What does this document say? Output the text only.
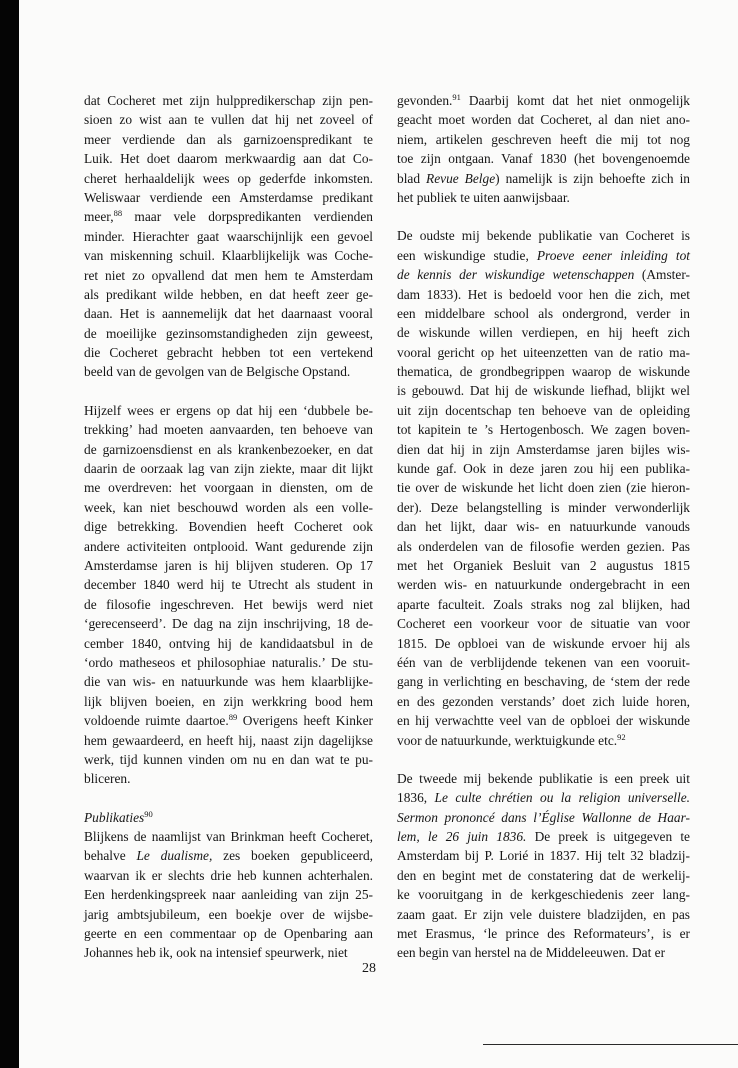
dat Cocheret met zijn hulppredikerschap zijn pen-
sioen zo wist aan te vullen dat hij net zoveel of
meer verdiende dan als garnizoenspredikant te
Luik. Het doet daarom merkwaardig aan dat Co-
cheret herhaaldelijk wees op gederfde inkomsten.
Weliswaar verdiende een Amsterdamse predikant
meer,$^{88}$ maar vele dorpspredikanten verdienden
minder. Hierachter gaat waarschijnlijk een gevoel
van miskenning schuil. Klaarblijkelijk was Coche-
ret niet zo opvallend dat men hem te Amsterdam
als predikant wilde hebben, en dat heeft zeer ge-
daan. Het is aannemelijk dat het daarnaast vooral
de moeilijke gezinsomstandigheden zijn geweest,
die Cocheret gebracht hebben tot een vertekend
beeld van de gevolgen van de Belgische Opstand.
Hijzelf wees er ergens op dat hij een ‘dubbele be-
trekking’ had moeten aanvaarden, ten behoeve van
de garnizoensdienst en als krankenbezoeker, en dat
daarin de oorzaak lag van zijn ziekte, maar dit lijkt
me overdreven: het voorgaan in diensten, om de
week, kan niet beschouwd worden als een volle-
dige betrekking. Bovendien heeft Cocheret ook
andere activiteiten ontplooid. Want gedurende zijn
Amsterdamse jaren is hij blijven studeren. Op 17
december 1840 werd hij te Utrecht als student in
de filosofie ingeschreven. Het bewijs werd niet
‘gerecenseerd’. De dag na zijn inschrijving, 18 de-
cember 1840, ontving hij de kandidaatsbul in de
‘ordo matheseos et philosophiae naturalis.’ De stu-
die van wis- en natuurkunde was hem klaarblijke-
lijk blijven boeien, en zijn werkkring bood hem
voldoende ruimte daartoe.$^{89}$ Overigens heeft Kinker
hem gewaardeerd, en heeft hij, naast zijn dagelijkse
werk, tijd kunnen vinden om nu en dan wat te pu-
bliceren.
Publikaties$^{90}$
Blijkens de naamlijst van Brinkman heeft Cocheret,
behalve Le dualisme, zes boeken gepubliceerd,
waarvan ik er slechts drie heb kunnen achterhalen.
Een herdenkingspreek naar aanleiding van zijn 25-
jarig ambtsjubileum, een boekje over de wijsbe-
geerte en een commentaar op de Openbaring aan
Johannes heb ik, ook na intensief speurwerk, niet
gevonden.$^{91}$ Daarbij komt dat het niet onmogelijk
geacht moet worden dat Cocheret, al dan niet ano-
niem, artikelen geschreven heeft die mij tot nog
toe zijn ontgaan. Vanaf 1830 (het bovengenoemde
blad Revue Belge) namelijk is zijn behoefte zich in
het publiek te uiten aanwijsbaar.
De oudste mij bekende publikatie van Cocheret is
een wiskundige studie, Proeve eener inleiding tot
de kennis der wiskundige wetenschappen (Amster-
dam 1833). Het is bedoeld voor hen die zich, met
een middelbare school als ondergrond, verder in
de wiskunde willen verdiepen, en hij heeft zich
vooral gericht op het uiteenzetten van de ratio ma-
thematica, de grondbegrippen waarop de wiskunde
is gebouwd. Dat hij de wiskunde liefhad, blijkt wel
uit zijn docentschap ten behoeve van de opleiding
tot kapitein te ’s Hertogenbosch. We zagen boven-
dien dat hij in zijn Amsterdamse jaren bijles wis-
kunde gaf. Ook in deze jaren zou hij een publika-
tie over de wiskunde het licht doen zien (zie hieron-
der). Deze belangstelling is minder verwonderlijk
dan het lijkt, daar wis- en natuurkunde vanouds
als onderdelen van de filosofie werden gezien. Pas
met het Organiek Besluit van 2 augustus 1815
werden wis- en natuurkunde ondergebracht in een
aparte faculteit. Zoals straks nog zal blijken, had
Cocheret een voorkeur voor de situatie van voor
1815. De opbloei van de wiskunde ervoer hij als
één van de verblijdende tekenen van een vooruit-
gang in verlichting en beschaving, de ‘stem der rede
en des gezonden verstands’ doet zich luide horen,
en hij verwachtte veel van de opbloei der wiskunde
voor de natuurkunde, werktuigkunde etc.$^{92}$
De tweede mij bekende publikatie is een preek uit
1836, Le culte chrétien ou la religion universelle.
Sermon prononcé dans l’Église Wallonne de Haar-
lem, le 26 juin 1836. De preek is uitgegeven te
Amsterdam bij P. Lorié in 1837. Hij telt 32 bladzij-
den en begint met de constatering dat de werkelij-
ke vooruitgang in de kerkgeschiedenis zeer lang-
zaam gaat. Er zijn vele duistere bladzijden, en pas
met Erasmus, ‘le prince des Reformateurs’, is er
een begin van herstel na de Middeleeuwen. Dat er
28
